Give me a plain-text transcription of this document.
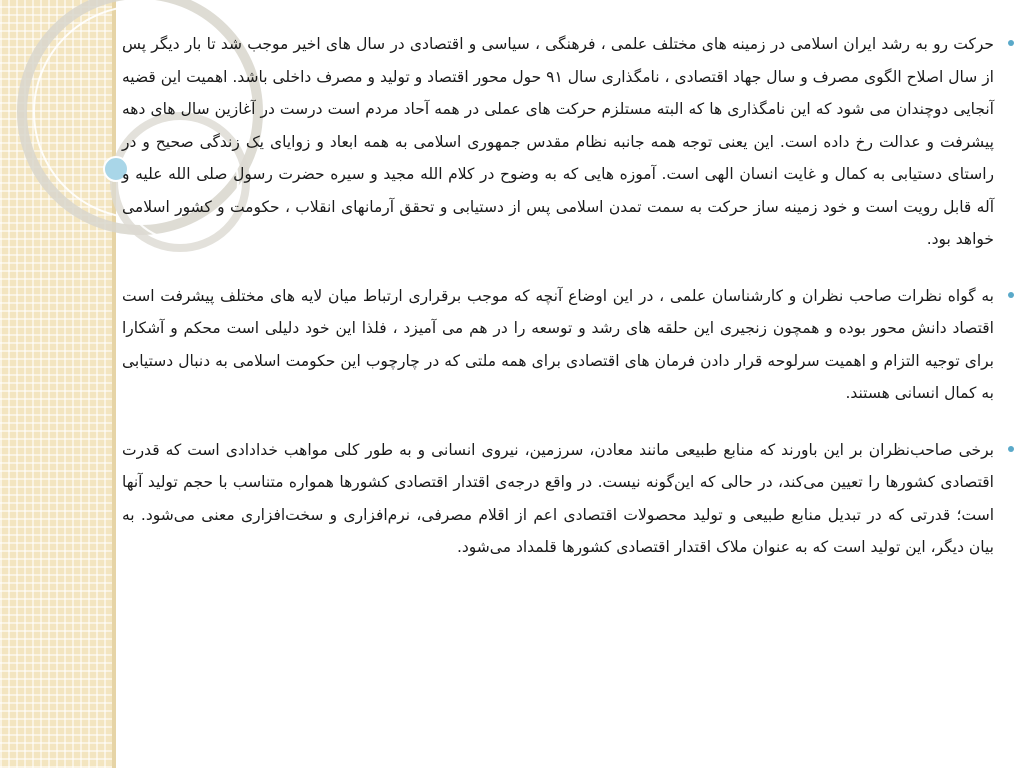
حرکت رو به رشد ایران اسلامی در زمینه های مختلف علمی ، فرهنگی ، سیاسی و اقتصادی در سال های اخیر موجب شد تا بار دیگر پس از سال اصلاح الگوی مصرف و سال جهاد اقتصادی ، نامگذاری سال ۹۱ حول محور اقتصاد و تولید و مصرف داخلی باشد. اهمیت این قضیه آنجایی دوچندان می شود که این نامگذاری ها که البته مستلزم حرکت های عملی در همه آحاد مردم است درست در آغازین سال های دهه پیشرفت و عدالت رخ داده است. این یعنی توجه همه جانبه نظام مقدس جمهوری اسلامی به همه ابعاد و زوایای یک زندگی صحیح و در راستای دستیابی به کمال و غایت انسان الهی است. آموزه هایی که به وضوح در کلام الله مجید و سیره حضرت رسول صلی الله علیه و آله قابل رویت است و خود زمینه ساز حرکت به سمت تمدن اسلامی پس از دستیابی و تحقق آرمانهای انقلاب ، حکومت و کشور اسلامی خواهد بود.
به گواه نظرات صاحب نظران و کارشناسان علمی ، در این اوضاع آنچه که موجب برقراری ارتباط میان لایه های مختلف پیشرفت است اقتصاد دانش محور بوده و همچون زنجیری این حلقه های رشد و توسعه را در هم می آمیزد ، فلذا این خود دلیلی است محکم و آشکارا برای توجیه التزام و اهمیت سرلوحه قرار دادن فرمان های اقتصادی برای همه ملتی که در چارچوب این حکومت اسلامی به دنبال دستیابی به کمال انسانی هستند.
برخی صاحب‌نظران بر این باورند که منابع طبیعی مانند معادن، سرزمین، نیروی انسانی و به طور کلی مواهب خدادادی است که قدرت اقتصادی کشورها را تعیین می‌کند، در حالی که این‌گونه نیست. در واقع درجه‌ی اقتدار اقتصادی کشورها همواره متناسب با حجم تولید آنها است؛ قدرتی که در تبدیل منابع طبیعی و تولید محصولات اقتصادی اعم از اقلام مصرفی، نرم‌افزاری و سخت‌افزاری معنی می‌شود. به بیان دیگر، این تولید است که به عنوان ملاک اقتدار اقتصادی کشورها قلمداد می‌شود.
